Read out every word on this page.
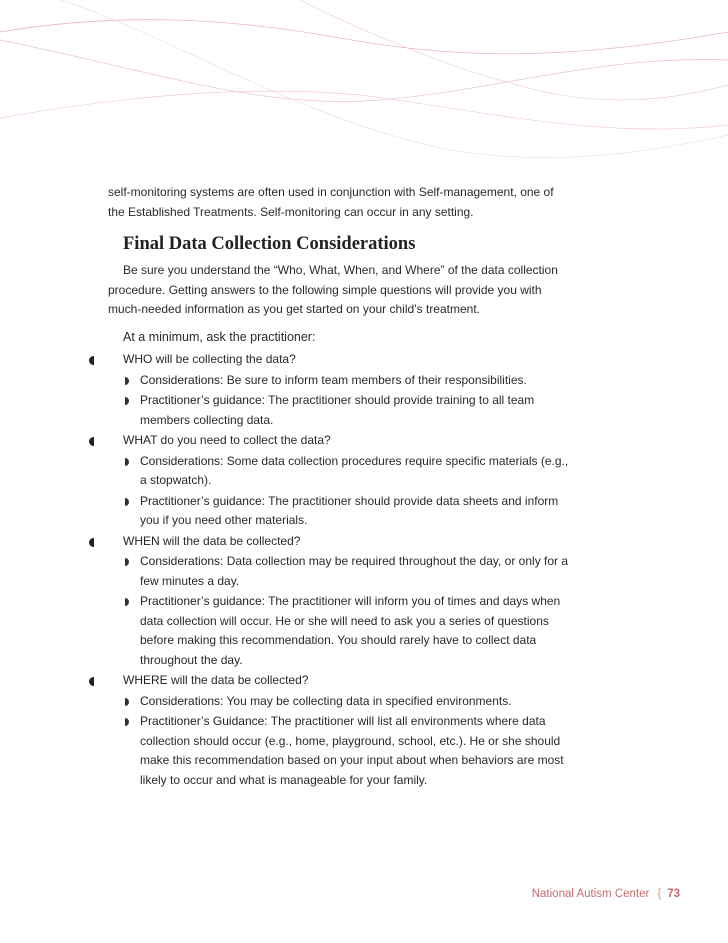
self-monitoring systems are often used in conjunction with Self-management, one of

the Established Treatments. Self-monitoring can occur in any setting.

Final Data Collection Considerations

Be sure you understand the “Who, What, When, and Where” of the data collection procedure. Getting answers to the following simple questions will provide you with much-needed information as you get started on your child’s treatment.

At a minimum, ask the practitioner:

WHO will be collecting the data?
Considerations: Be sure to inform team members of their responsibilities.
Practitioner’s guidance: The practitioner should provide training to all team members collecting data.
WHAT do you need to collect the data?
Considerations: Some data collection procedures require specific materials (e.g., a stopwatch).
Practitioner’s guidance: The practitioner should provide data sheets and inform you if you need other materials.
WHEN will the data be collected?
Considerations: Data collection may be required throughout the day, or only for a few minutes a day.
Practitioner’s guidance: The practitioner will inform you of times and days when data collection will occur. He or she will need to ask you a series of questions before making this recommendation. You should rarely have to collect data throughout the day.
WHERE will the data be collected?
Considerations: You may be collecting data in specified environments.
Practitioner’s Guidance: The practitioner will list all environments where data collection should occur (e.g., home, playground, school, etc.). He or she should make this recommendation based on your input about when behaviors are most likely to occur and what is manageable for your family.
National Autism Center { 73
